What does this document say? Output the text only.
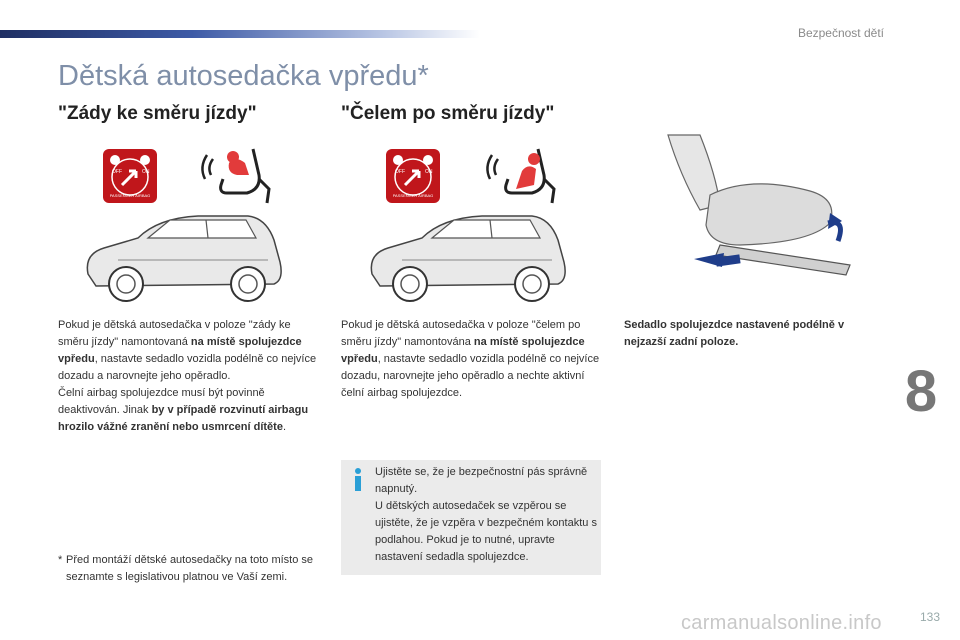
Bezpečnost dětí
Dětská autosedačka vpředu*
"Zády ke směru jízdy"	"Čelem po směru jízdy"
OFF	ON
PASSENGER AIRBAG
OFF	ON
PASSENGER AIRBAG
Pokud je dětská autosedačka v poloze "zády ke směru jízdy" namontovaná na místě spolujezdce vpředu, nastavte sedadlo vozidla podélně co nejvíce dozadu a narovnejte jeho opěradlo.
Čelní airbag spolujezdce musí být povinně deaktivován. Jinak by v případě rozvinutí airbagu hrozilo vážné zranění nebo usmrcení dítěte.
Pokud je dětská autosedačka v poloze "čelem po směru jízdy" namontována na místě spolujezdce vpředu, nastavte sedadlo vozidla podélně co nejvíce dozadu, narovnejte jeho opěradlo a nechte aktivní čelní airbag spolujezdce.
Sedadlo spolujezdce nastavené podélně v nejzazší zadní poloze.
Ujistěte se, že je bezpečnostní pás správně napnutý.
U dětských autosedaček se vzpěrou se ujistěte, že je vzpěra v bezpečném kontaktu s podlahou. Pokud je to nutné, upravte nastavení sedadla spolujezdce.
* Před montáží dětské autosedačky na toto místo se seznamte s legislativou platnou ve Vaší zemi.
8
133
carmanualsonline.info
